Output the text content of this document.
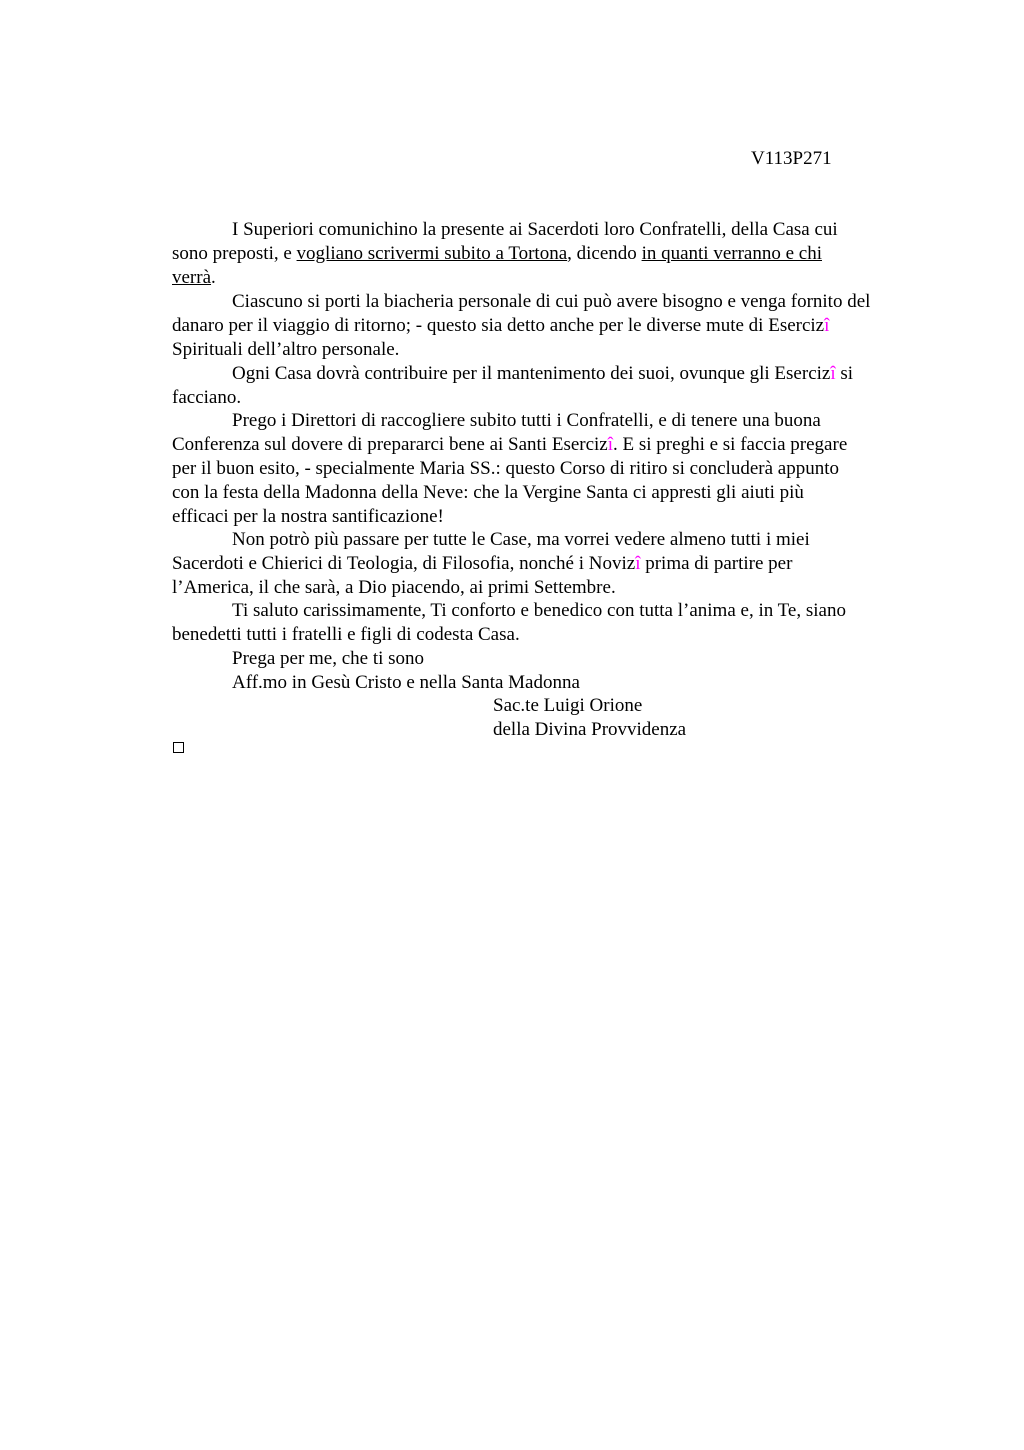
V113P271
I Superiori comunichino la presente ai Sacerdoti loro Confratelli, della Casa cui
sono preposti, e vogliano scrivermi subito a Tortona, dicendo in quanti verranno e chi
verrà.
Ciascuno si porti la biacheria personale di cui può avere bisogno e venga fornito del
danaro per il viaggio di ritorno; - questo sia detto anche per le diverse mute di Esercizî
Spirituali dell’altro personale.
Ogni Casa dovrà contribuire per il mantenimento dei suoi, ovunque gli Esercizî si
facciano.
Prego i Direttori di raccogliere subito tutti i Confratelli, e di tenere una buona
Conferenza sul dovere di prepararci bene ai Santi Esercizî. E si preghi e si faccia pregare
per il buon esito, - specialmente Maria SS.: questo Corso di ritiro si concluderà appunto
con la festa della Madonna della Neve: che la Vergine Santa ci appresti gli aiuti più
efficaci per la nostra santificazione!
Non potrò più passare per tutte le Case, ma vorrei vedere almeno tutti i miei
Sacerdoti e Chierici di Teologia, di Filosofia, nonché i Novizî prima di partire per
l’America, il che sarà, a Dio piacendo, ai primi Settembre.
Ti saluto carissimamente, Ti conforto e benedico con tutta l’anima e, in Te, siano
benedetti tutti i fratelli e figli di codesta Casa.
Prega per me, che ti sono
Aff.mo in Gesù Cristo e nella Santa Madonna
Sac.te Luigi Orione
della Divina Provvidenza
